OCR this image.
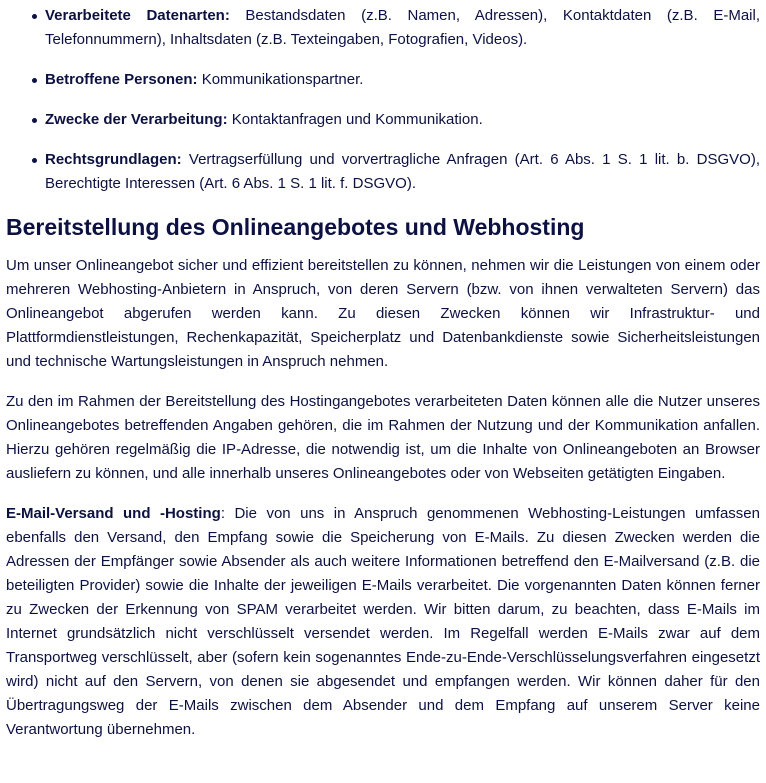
Verarbeitete Datenarten: Bestandsdaten (z.B. Namen, Adressen), Kontaktdaten (z.B. E-Mail, Telefonnummern), Inhaltsdaten (z.B. Texteingaben, Fotografien, Videos).
Betroffene Personen: Kommunikationspartner.
Zwecke der Verarbeitung: Kontaktanfragen und Kommunikation.
Rechtsgrundlagen: Vertragserfüllung und vorvertragliche Anfragen (Art. 6 Abs. 1 S. 1 lit. b. DSGVO), Berechtigte Interessen (Art. 6 Abs. 1 S. 1 lit. f. DSGVO).
Bereitstellung des Onlineangebotes und Webhosting

Um unser Onlineangebot sicher und effizient bereitstellen zu können, nehmen wir die Leistungen von einem oder mehreren Webhosting-Anbietern in Anspruch, von deren Servern (bzw. von ihnen verwalteten Servern) das Onlineangebot abgerufen werden kann. Zu diesen Zwecken können wir Infrastruktur- und Plattformdienstleistungen, Rechenkapazität, Speicherplatz und Datenbankdienste sowie Sicherheitsleistungen und technische Wartungsleistungen in Anspruch nehmen.

Zu den im Rahmen der Bereitstellung des Hostingangebotes verarbeiteten Daten können alle die Nutzer unseres Onlineangebotes betreffenden Angaben gehören, die im Rahmen der Nutzung und der Kommunikation anfallen. Hierzu gehören regelmäßig die IP-Adresse, die notwendig ist, um die Inhalte von Onlineangeboten an Browser ausliefern zu können, und alle innerhalb unseres Onlineangebotes oder von Webseiten getätigten Eingaben.

E-Mail-Versand und -Hosting: Die von uns in Anspruch genommenen Webhosting-Leistungen umfassen ebenfalls den Versand, den Empfang sowie die Speicherung von E-Mails. Zu diesen Zwecken werden die Adressen der Empfänger sowie Absender als auch weitere Informationen betreffend den E-Mailversand (z.B. die beteiligten Provider) sowie die Inhalte der jeweiligen E-Mails verarbeitet. Die vorgenannten Daten können ferner zu Zwecken der Erkennung von SPAM verarbeitet werden. Wir bitten darum, zu beachten, dass E-Mails im Internet grundsätzlich nicht verschlüsselt versendet werden. Im Regelfall werden E-Mails zwar auf dem Transportweg verschlüsselt, aber (sofern kein sogenanntes Ende-zu-Ende-Verschlüsselungsverfahren eingesetzt wird) nicht auf den Servern, von denen sie abgesendet und empfangen werden. Wir können daher für den Übertragungsweg der E-Mails zwischen dem Absender und dem Empfang auf unserem Server keine Verantwortung übernehmen.
